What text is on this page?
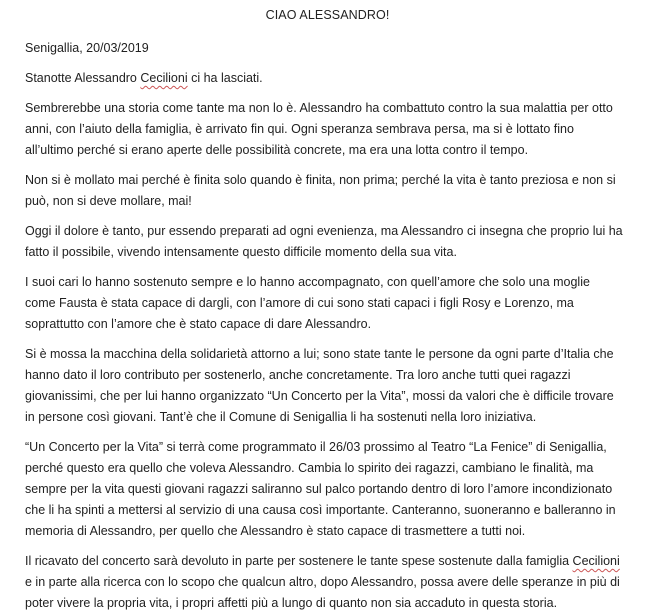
CIAO ALESSANDRO!
Senigallia, 20/03/2019
Stanotte Alessandro Cecilioni ci ha lasciati.
Sembrerebbe una storia come tante ma non lo è. Alessandro ha combattuto contro la sua malattia per otto
anni, con l’aiuto della famiglia, è arrivato fin qui. Ogni speranza sembrava persa, ma si è lottato fino
all’ultimo perché si erano aperte delle possibilità concrete, ma era una lotta contro il tempo.
Non si è mollato mai perché è finita solo quando è finita, non prima; perché la vita è tanto preziosa e non si
può, non si deve mollare, mai!
Oggi il dolore è tanto, pur essendo preparati ad ogni evenienza, ma Alessandro ci insegna che proprio lui ha
fatto il possibile, vivendo intensamente questo difficile momento della sua vita.
I suoi cari lo hanno sostenuto sempre e lo hanno accompagnato, con quell’amore che solo una moglie
come Fausta è stata capace di dargli, con l’amore di cui sono stati capaci i figli Rosy e Lorenzo, ma
soprattutto con l’amore che è stato capace di dare Alessandro.
Si è mossa la macchina della solidarietà attorno a lui; sono state tante le persone da ogni parte d’Italia che
hanno dato il loro contributo per sostenerlo, anche concretamente. Tra loro anche tutti quei ragazzi
giovanissimi, che per lui hanno organizzato “Un Concerto per la Vita”, mossi da valori che è difficile trovare
in persone così giovani. Tant’è che il Comune di Senigallia li ha sostenuti nella loro iniziativa.
“Un Concerto per la Vita” si terrà come programmato il 26/03 prossimo al Teatro “La Fenice” di Senigallia,
perché questo era quello che voleva Alessandro. Cambia lo spirito dei ragazzi, cambiano le finalità, ma
sempre per la vita questi giovani ragazzi saliranno sul palco portando dentro di loro l’amore incondizionato
che li ha spinti a mettersi al servizio di una causa così importante. Canteranno, suoneranno e balleranno in
memoria di Alessandro, per quello che Alessandro è stato capace di trasmettere a tutti noi.
Il ricavato del concerto sarà devoluto in parte per sostenere le tante spese sostenute dalla famiglia Cecilioni
e in parte alla ricerca con lo scopo che qualcun altro, dopo Alessandro, possa avere delle speranze in più di
poter vivere la propria vita, i propri affetti più a lungo di quanto non sia accaduto in questa storia.
